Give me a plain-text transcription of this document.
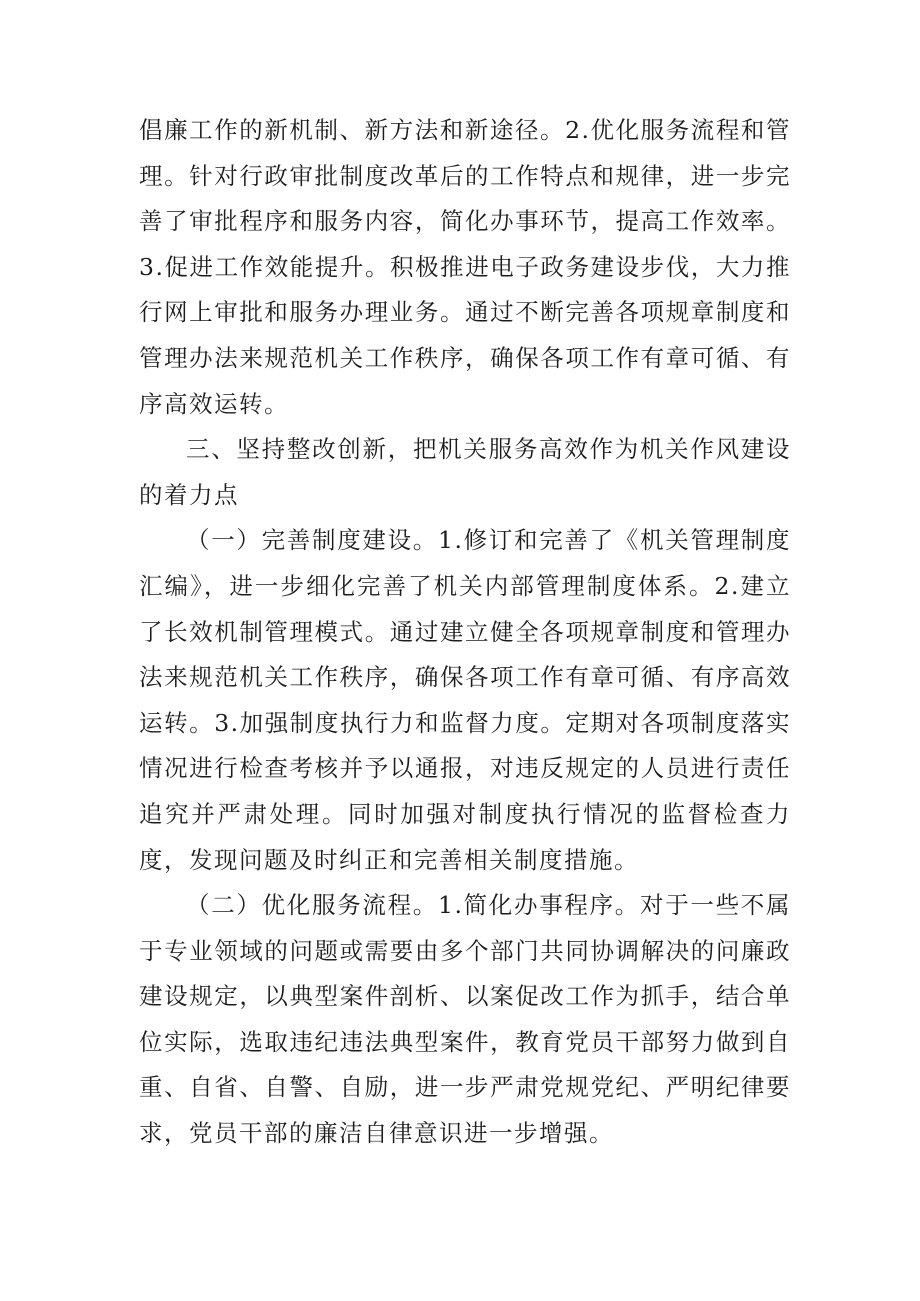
倡廉工作的新机制、新方法和新途径。2.优化服务流程和管理。针对行政审批制度改革后的工作特点和规律，进一步完善了审批程序和服务内容，简化办事环节，提高工作效率。3.促进工作效能提升。积极推进电子政务建设步伐，大力推行网上审批和服务办理业务。通过不断完善各项规章制度和管理办法来规范机关工作秩序，确保各项工作有章可循、有序高效运转。

三、坚持整改创新，把机关服务高效作为机关作风建设的着力点

（一）完善制度建设。1.修订和完善了《机关管理制度汇编》，进一步细化完善了机关内部管理制度体系。2.建立了长效机制管理模式。通过建立健全各项规章制度和管理办法来规范机关工作秩序，确保各项工作有章可循、有序高效运转。3.加强制度执行力和监督力度。定期对各项制度落实情况进行检查考核并予以通报，对违反规定的人员进行责任追究并严肃处理。同时加强对制度执行情况的监督检查力度，发现问题及时纠正和完善相关制度措施。

（二）优化服务流程。1.简化办事程序。对于一些不属于专业领域的问题或需要由多个部门共同协调解决的问廉政建设规定，以典型案件剖析、以案促改工作为抓手，结合单位实际，选取违纪违法典型案件，教育党员干部努力做到自重、自省、自警、自励，进一步严肃党规党纪、严明纪律要求，党员干部的廉洁自律意识进一步增强。
